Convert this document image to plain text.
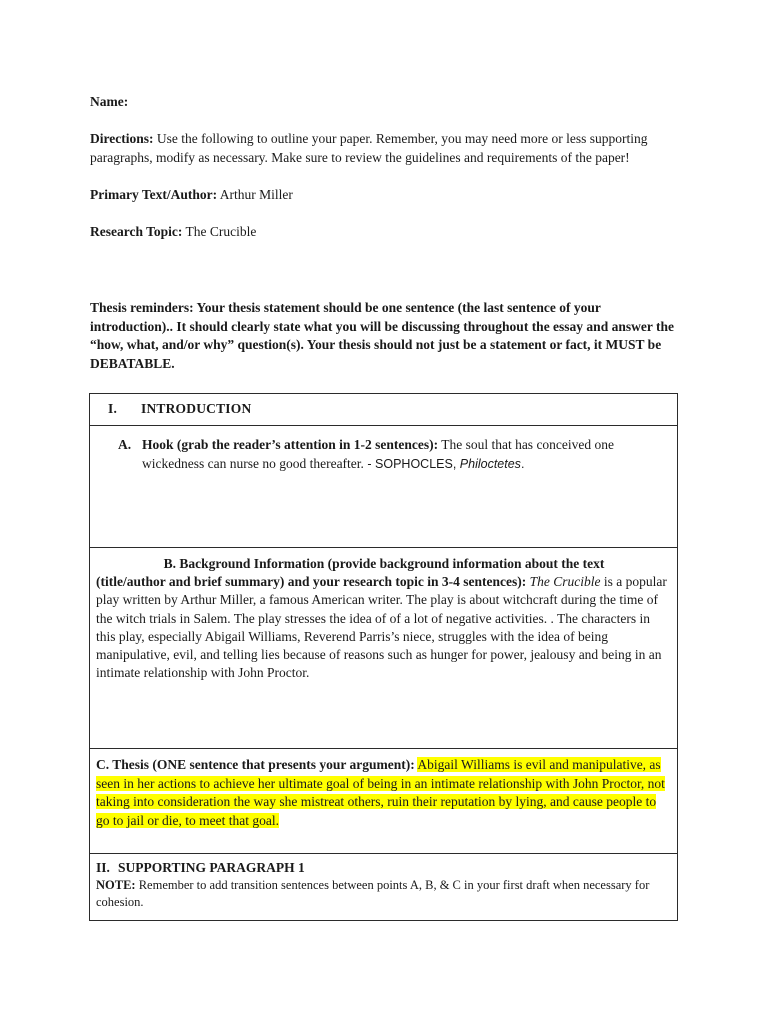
Name:
Directions: Use the following to outline your paper. Remember, you may need more or less supporting paragraphs, modify as necessary. Make sure to review the guidelines and requirements of the paper!
Primary Text/Author: Arthur Miller
Research Topic: The Crucible
Thesis reminders: Your thesis statement should be one sentence (the last sentence of your introduction).. It should clearly state what you will be discussing throughout the essay and answer the “how, what, and/or why” question(s). Your thesis should not just be a statement or fact, it MUST be DEBATABLE.
I. INTRODUCTION
A. Hook (grab the reader’s attention in 1-2 sentences): The soul that has conceived one wickedness can nurse no good thereafter. - SOPHOCLES, Philoctetes.
B. Background Information (provide background information about the text
(title/author and brief summary) and your research topic in 3-4 sentences): The Crucible is a popular play written by Arthur Miller, a famous American writer. The play is about witchcraft during the time of the witch trials in Salem. The play stresses the idea of of a lot of negative activities. . The characters in this play, especially Abigail Williams, Reverend Parris’s niece, struggles with the idea of being manipulative, evil, and telling lies because of reasons such as hunger for power, jealousy and being in an intimate relationship with John Proctor.
C. Thesis (ONE sentence that presents your argument): Abigail Williams is evil and manipulative, as seen in her actions to achieve her ultimate goal of being in an intimate relationship with John Proctor, not taking into consideration the way she mistreat others, ruin their reputation by lying, and cause people to go to jail or die, to meet that goal.
II. SUPPORTING PARAGRAPH 1
NOTE: Remember to add transition sentences between points A, B, & C in your first draft when necessary for cohesion.
